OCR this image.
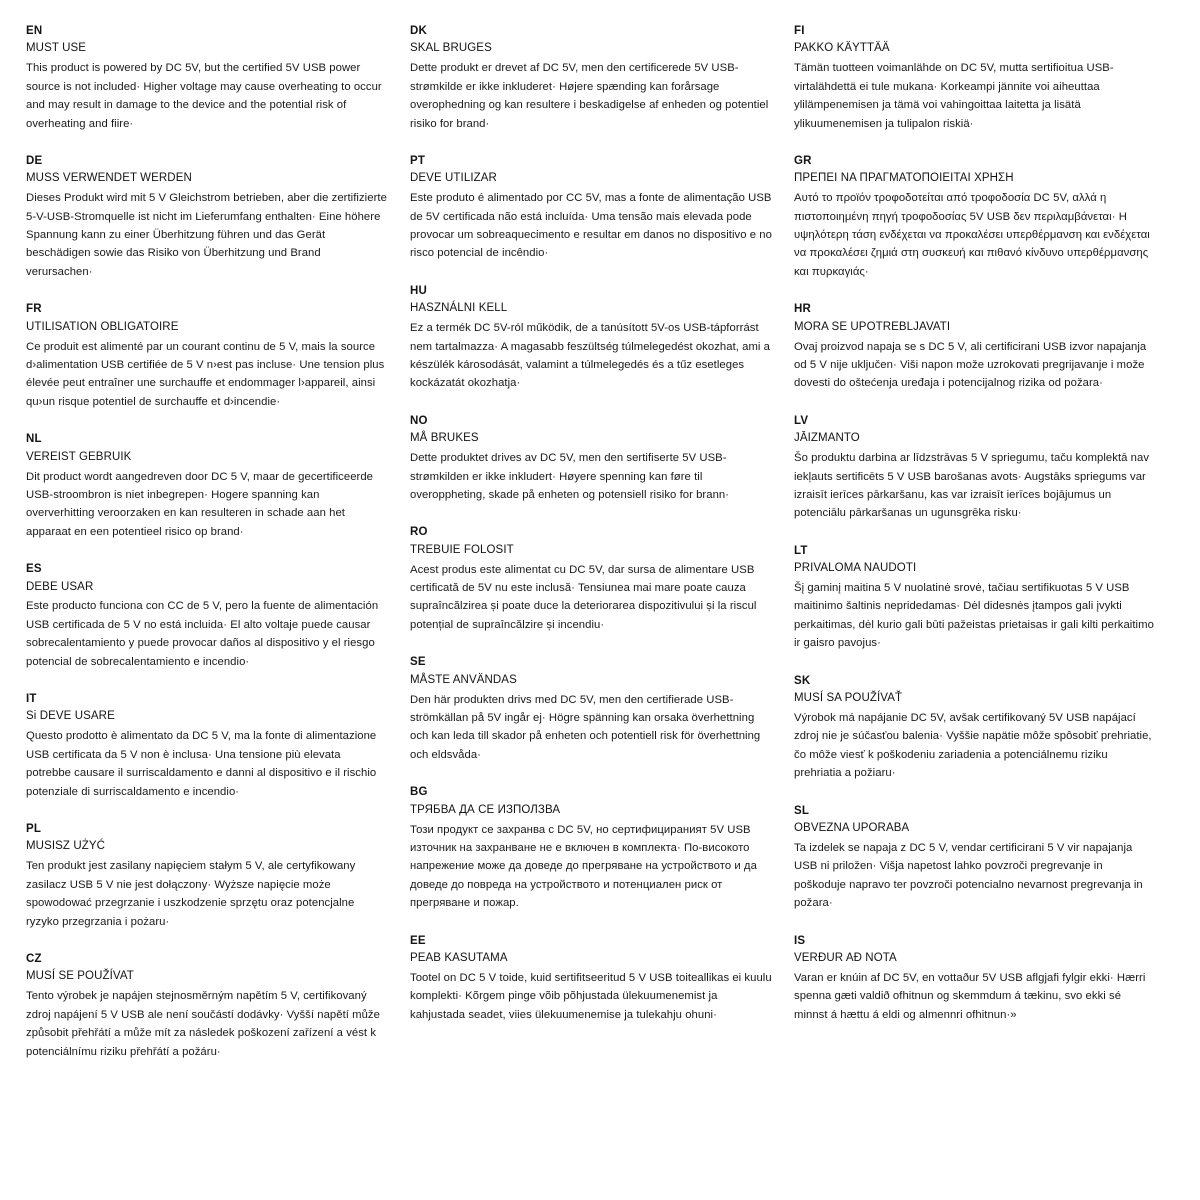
EN
MUST USE
This product is powered by DC 5V, but the certified 5V USB power source is not included· Higher voltage may cause overheating to occur and may result in damage to the device and the potential risk of overheating and fiire·
DE
MUSS VERWENDET WERDEN
Dieses Produkt wird mit 5 V Gleichstrom betrieben, aber die zertifizierte 5-V-USB-Stromquelle ist nicht im Lieferumfang enthalten· Eine höhere Spannung kann zu einer Überhitzung führen und das Gerät beschädigen sowie das Risiko von Überhitzung und Brand verursachen·
FR
UTILISATION OBLIGATOIRE
Ce produit est alimenté par un courant continu de 5 V, mais la source d›alimentation USB certifiée de 5 V n›est pas incluse· Une tension plus élevée peut entraîner une surchauffe et endommager l›appareil, ainsi qu›un risque potentiel de surchauffe et d›incendie·
NL
VEREIST GEBRUIK
Dit product wordt aangedreven door DC 5 V, maar de gecertificeerde USB-stroombron is niet inbegrepen· Hogere spanning kan oververhitting veroorzaken en kan resulteren in schade aan het apparaat en een potentieel risico op brand·
ES
DEBE USAR
Este producto funciona con CC de 5 V, pero la fuente de alimentación USB certificada de 5 V no está incluida· El alto voltaje puede causar sobrecalentamiento y puede provocar daños al dispositivo y el riesgo potencial de sobrecalentamiento e incendio·
IT
Si DEVE USARE
Questo prodotto è alimentato da DC 5 V, ma la fonte di alimentazione USB certificata da 5 V non è inclusa· Una tensione più elevata potrebbe causare il surriscaldamento e danni al dispositivo e il rischio potenziale di surriscaldamento e incendio·
PL
MUSISZ UŻYĆ
Ten produkt jest zasilany napięciem stałym 5 V, ale certyfikowany zasilacz USB 5 V nie jest dołączony· Wyższe napięcie może spowodować przegrzanie i uszkodzenie sprzętu oraz potencjalne ryzyko przegrzania i pożaru·
CZ
MUSÍ SE POUŽÍVAT
Tento výrobek je napájen stejnosměrným napětím 5 V, certifikovaný zdroj napájení 5 V USB ale není součástí dodávky· Vyšší napětí může způsobit přehřátí a může mít za následek poškození zařízení a vést k potenciálnímu riziku přehřátí a požáru·
DK
SKAL BRUGES
Dette produkt er drevet af DC 5V, men den certificerede 5V USB-strømkilde er ikke inkluderet· Højere spænding kan forårsage overophedning og kan resultere i beskadigelse af enheden og potentiel risiko for brand·
PT
DEVE UTILIZAR
Este produto é alimentado por CC 5V, mas a fonte de alimentação USB de 5V certificada não está incluída· Uma tensão mais elevada pode provocar um sobreaquecimento e resultar em danos no dispositivo e no risco potencial de incêndio·
HU
HASZNÁLNI KELL
Ez a termék DC 5V-ról működik, de a tanúsított 5V-os USB-tápforrást nem tartalmazza· A magasabb feszültség túlmelegedést okozhat, ami a készülék károsodását, valamint a túlmelegedés és a tűz esetleges kockázatát okozhatja·
NO
MÅ BRUKES
Dette produktet drives av DC 5V, men den sertifiserte 5V USB-strømkilden er ikke inkludert· Høyere spenning kan føre til overoppheting, skade på enheten og potensiell risiko for brann·
RO
TREBUIE FOLOSIT
Acest produs este alimentat cu DC 5V, dar sursa de alimentare USB certificată de 5V nu este inclusă· Tensiunea mai mare poate cauza supraîncălzirea și poate duce la deteriorarea dispozitivului și la riscul potențial de supraîncălzire și incendiu·
SE
MÅSTE ANVÄNDAS
Den här produkten drivs med DC 5V, men den certifierade USB-strömkällan på 5V ingår ej· Högre spänning kan orsaka överhettning och kan leda till skador på enheten och potentiell risk för överhettning och eldsvåda·
BG
ТРЯБВА ДА СЕ ИЗПОЛЗВА
Този продукт се захранва с DC 5V, но сертифицираният 5V USB източник на захранване не е включен в комплекта· По-високото напрежение може да доведе до прегряване на устройството и да доведе до повреда на устройството и потенциален риск от прегряване и пожар.
EE
PEAB KASUTAMA
Tootel on DC 5 V toide, kuid sertifitseeritud 5 V USB toiteallikas ei kuulu komplekti· Kõrgem pinge võib põhjustada ülekuumenemist ja kahjustada seadet, viies ülekuumenemise ja tulekahju ohuni·
FI
PAKKO KÄYTTÄÄ
Tämän tuotteen voimanlähde on DC 5V, mutta sertifioitua USB-virtalähdettä ei tule mukana· Korkeampi jännite voi aiheuttaa ylilämpenemisen ja tämä voi vahingoittaa laitetta ja lisätä ylikuumenemisen ja tulipalon riskiä·
GR
ΠΡΕΠΕΙ ΝΑ ΠΡΑΓΜΑΤΟΠΟΙΕΙΤΑΙ ΧΡΗΣΗ
Αυτό το προϊόν τροφοδοτείται από τροφοδοσία DC 5V, αλλά η πιστοποιημένη πηγή τροφοδοσίας 5V USB δεν περιλαμβάνεται· Η υψηλότερη τάση ενδέχεται να προκαλέσει υπερθέρμανση και ενδέχεται να προκαλέσει ζημιά στη συσκευή και πιθανό κίνδυνο υπερθέρμανσης και πυρκαγιάς·
HR
MORA SE UPOTREBLJAVATI
Ovaj proizvod napaja se s DC 5 V, ali certificirani USB izvor napajanja od 5 V nije uključen· Viši napon može uzrokovati pregrijavanje i može dovesti do oštećenja uređaja i potencijalnog rizika od požara·
LV
JĀIZMANTO
Šo produktu darbina ar līdzstrāvas 5 V spriegumu, taču komplektā nav iekļauts sertificēts 5 V USB barošanas avots· Augstāks spriegums var izraisīt ierīces pārkaršanu, kas var izraisīt ierīces bojājumus un potenciālu pārkaršanas un ugunsgrēka risku·
LT
PRIVALOMA NAUDOTI
Šį gaminį maitina 5 V nuolatinė srovė, tačiau sertifikuotas 5 V USB maitinimo šaltinis nepridedamas· Dėl didesnės įtampos gali įvykti perkaitimas, dėl kurio gali būti pažeistas prietaisas ir gali kilti perkaitimo ir gaisro pavojus·
SK
MUSÍ SA POUŽÍVAŤ
Výrobok má napájanie DC 5V, avšak certifikovaný 5V USB napájací zdroj nie je súčasťou balenia· Vyššie napätie môže spôsobiť prehriatie, čo môže viesť k poškodeniu zariadenia a potenciálnemu riziku prehriatia a požiaru·
SL
OBVEZNA UPORABA
Ta izdelek se napaja z DC 5 V, vendar certificirani 5 V vir napajanja USB ni priložen· Višja napetost lahko povzroči pregrevanje in poškoduje napravo ter povzroči potencialno nevarnost pregrevanja in požara·
IS
VERÐUR AÐ NOTA
Varan er knúin af DC 5V, en vottaður 5V USB aflgjafi fylgir ekki· Hærri spenna gæti valdið ofhitnun og skemmdum á tækinu, svo ekki sé minnst á hættu á eldi og almennri ofhitnun·»
